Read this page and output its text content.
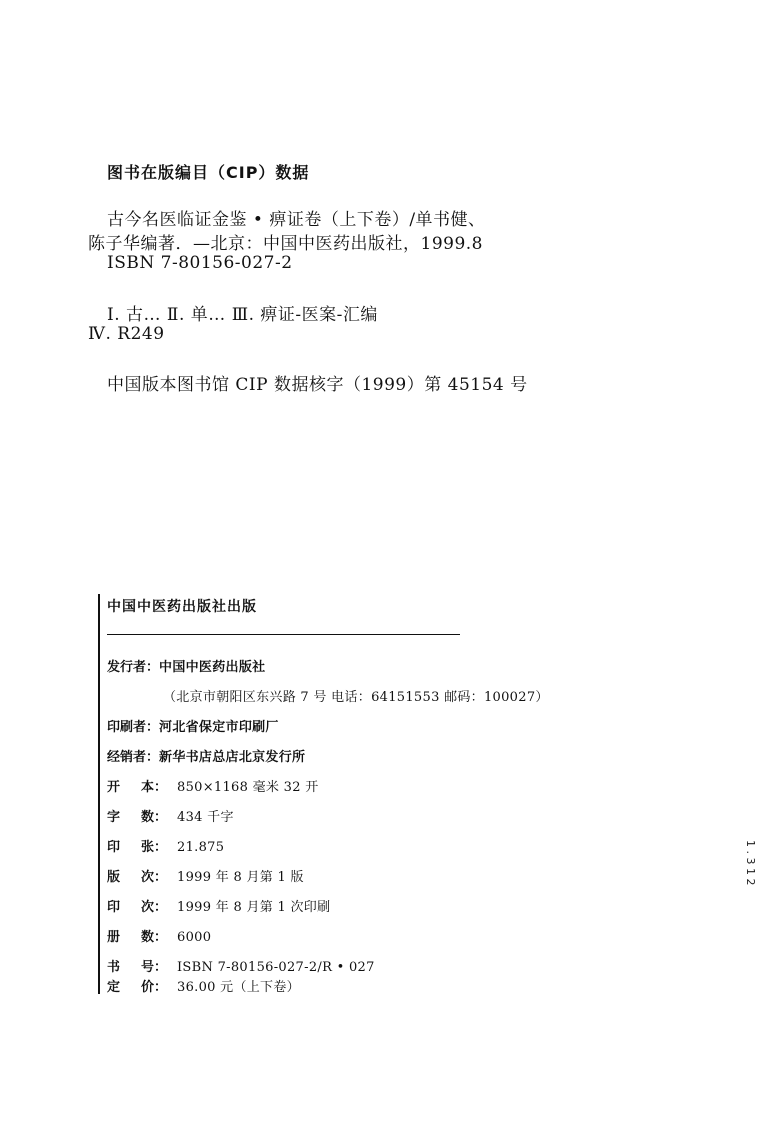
图书在版编目（CIP）数据
古今名医临证金鉴 • 痹证卷（上下卷）/单书健、
陈子华编著．—北京：中国中医药出版社，1999.8
ISBN 7-80156-027-2
Ⅰ. 古… Ⅱ. 单… Ⅲ. 痹证-医案-汇编
Ⅳ. R249
中国版本图书馆 CIP 数据核字（1999）第 45154 号
中国中医药出版社出版
发行者：中国中医药出版社
（北京市朝阳区东兴路 7 号 电话：64151553 邮码：100027）
印刷者：河北省保定市印刷厂
经销者：新华书店总店北京发行所
开 本： 850×1168 毫米 32 开
字 数： 434 千字
印 张： 21.875
版 次： 1999 年 8 月第 1 版
印 次： 1999 年 8 月第 1 次印刷
册 数： 6000
书 号： ISBN 7-80156-027-2/R • 027
定 价： 36.00 元（上下卷）
1 . 3 1 2
